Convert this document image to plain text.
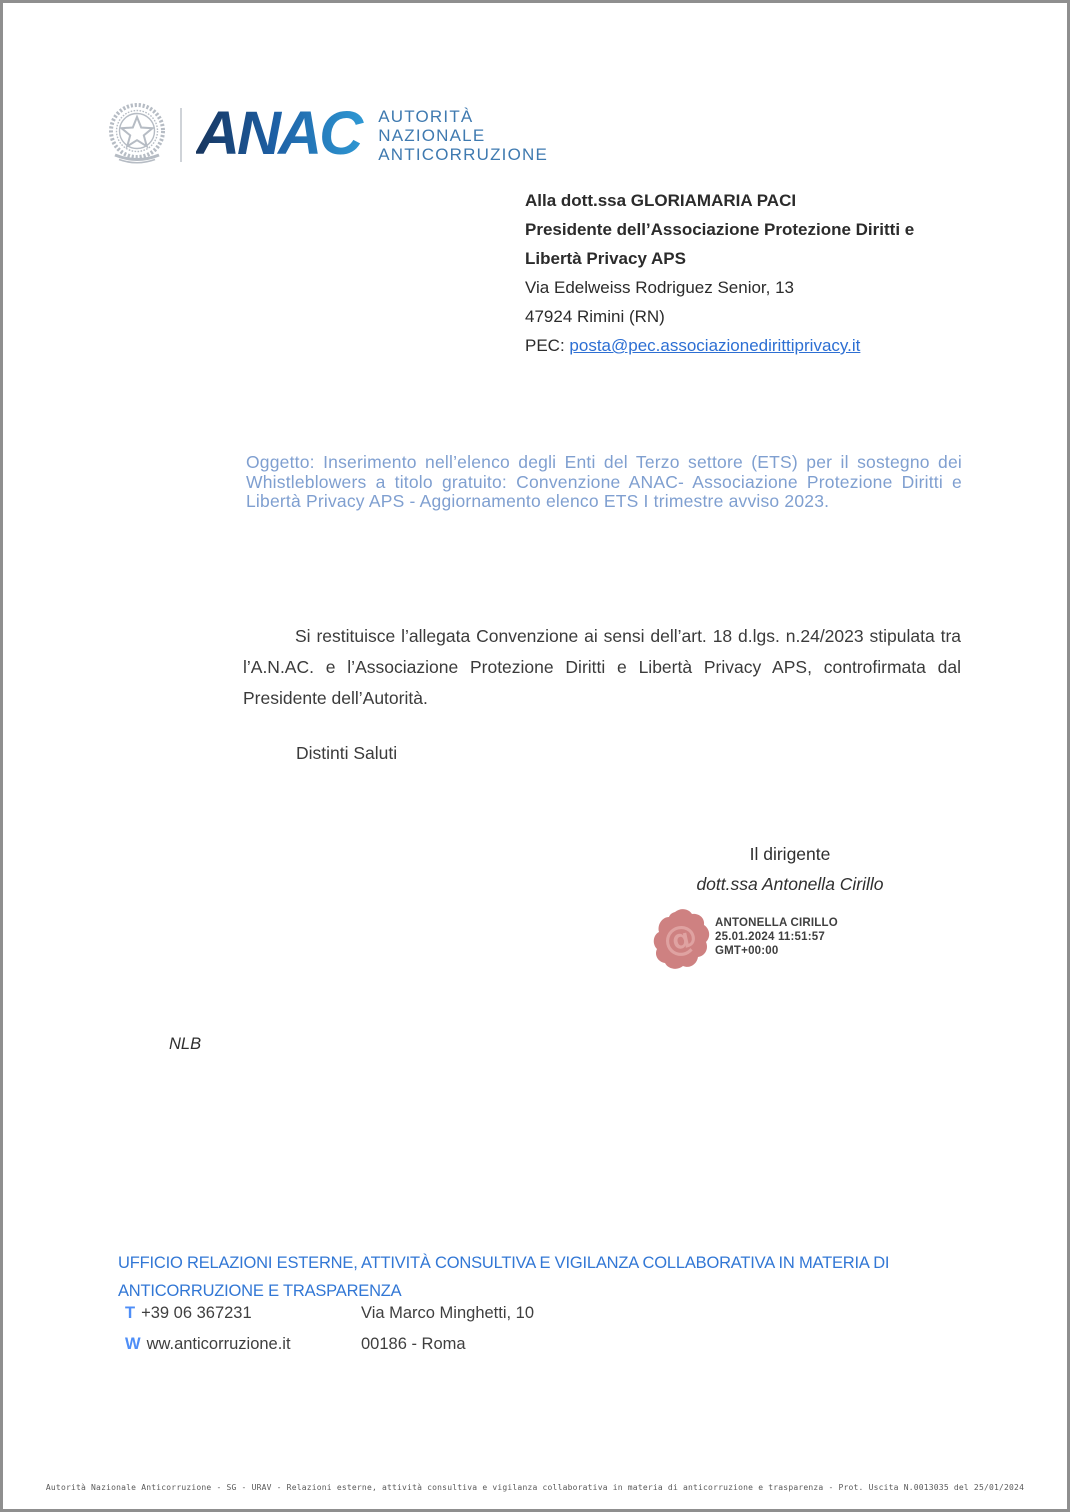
ANAC	AUTORITÀ
NAZIONALE
ANTICORRUZIONE
Alla dott.ssa GLORIAMARIA PACI
Presidente dell’Associazione Protezione Diritti e Libertà Privacy APS
Via Edelweiss Rodriguez Senior, 13
47924 Rimini (RN)
PEC: posta@pec.associazionedirittiprivacy.it
Oggetto: Inserimento nell’elenco degli Enti del Terzo settore (ETS) per il sostegno dei Whistleblowers a titolo gratuito: Convenzione ANAC- Associazione Protezione Diritti e Libertà Privacy APS - Aggiornamento elenco ETS I trimestre avviso 2023.
Si restituisce l’allegata Convenzione ai sensi dell’art. 18 d.lgs. n.24/2023 stipulata tra l’A.N.AC. e l’Associazione Protezione Diritti e Libertà Privacy APS, controfirmata dal Presidente dell’Autorità.
Distinti Saluti
Il dirigente
dott.ssa Antonella Cirillo
@ ANTONELLA CIRILLO
25.01.2024 11:51:57
GMT+00:00
NLB
UFFICIO RELAZIONI ESTERNE, ATTIVITÀ CONSULTIVA E VIGILANZA COLLABORATIVA IN MATERIA DI ANTICORRUZIONE E TRASPARENZA
T +39 06 367231
W ww.anticorruzione.it
Via Marco Minghetti, 10
00186 - Roma
Autorità Nazionale Anticorruzione - SG - URAV - Relazioni esterne, attività consultiva e vigilanza collaborativa in materia di anticorruzione e trasparenza - Prot. Uscita N.0013035 del 25/01/2024
